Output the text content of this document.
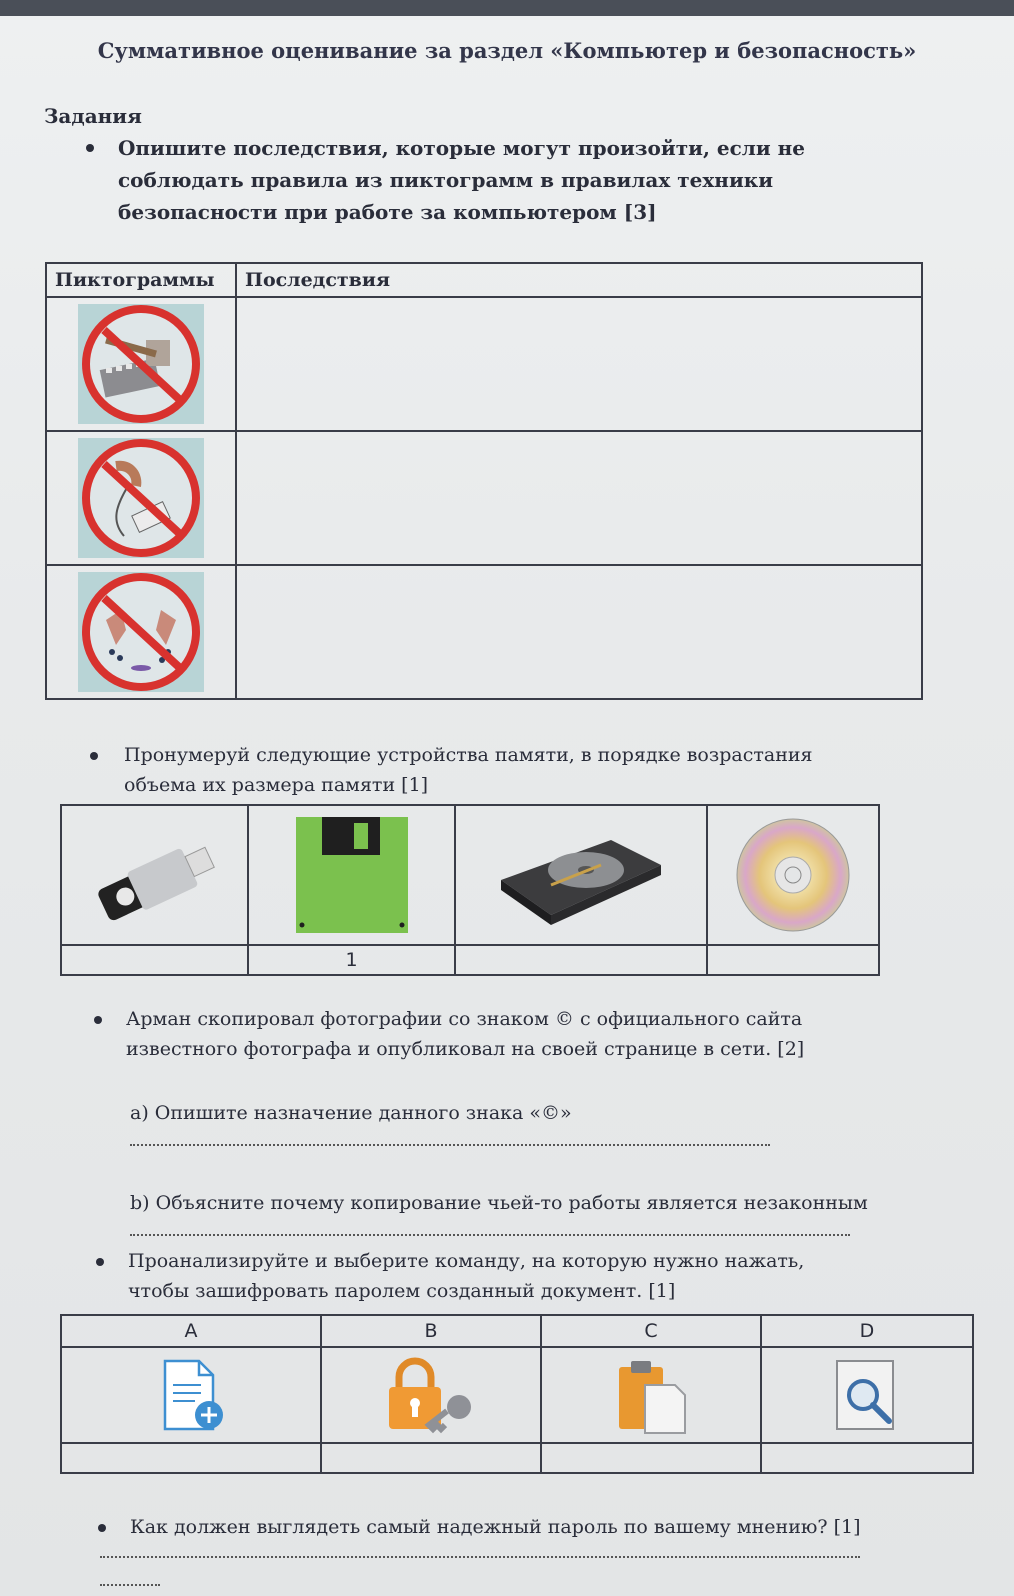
Суммативное оценивание за раздел «Компьютер и безопасность»
Задания
Опишите последствия, которые могут произойти, если не соблюдать правила из пиктограмм в правилах техники безопасности при работе за компьютером [3]
Пиктограммы	Последствия

Пронумеруй следующие устройства памяти, в порядке возрастания объема их размера памяти [1]

	1		
Арман скопировал фотографии со знаком © с официального сайта известного фотографа и опубликовал на своей странице в сети. [2]
а) Опишите назначение данного знака «©»
b) Объясните почему копирование чьей-то работы является незаконным
Проанализируйте и выберите команду, на которую нужно нажать, чтобы зашифровать паролем созданный документ. [1]
A	B	C	D

Как должен выглядеть самый надежный пароль по вашему мнению? [1]
